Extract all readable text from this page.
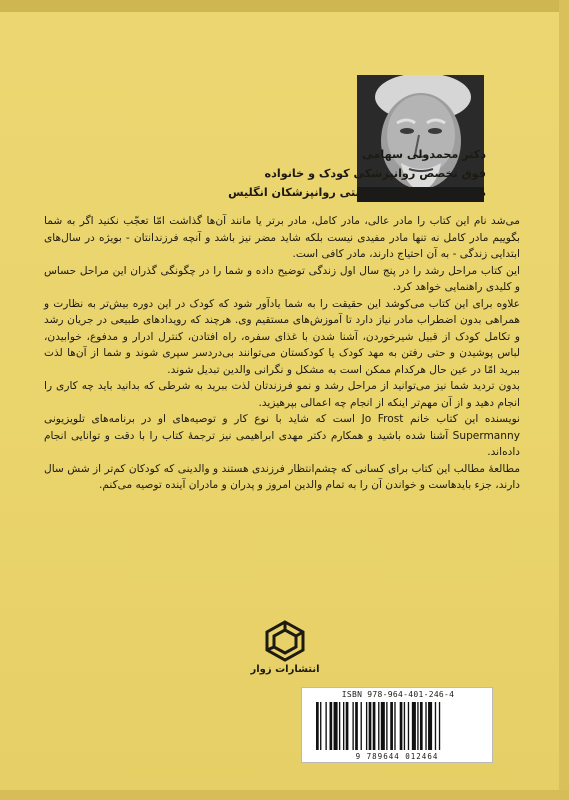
دکتر محمدولی سهامی
فوق تخصص روانپزشکی کودک و خانواده
مدرس سابق کالج سلطنتی روانپزشکان انگلیس

می‌شد نام این کتاب را مادر عالی، مادر کامل، مادر برتر یا مانند آن‌ها گذاشت امّا تعجّب نکنید اگر به شما بگوییم مادر کامل نه تنها مادر مفیدی نیست بلکه شاید مضر نیز باشد و آنچه فرزندانتان - بویژه در سال‌های ابتدایی زندگی - به آن احتیاج دارند، مادر کافی است.

این کتاب مراحل رشد را در پنج سال اول زندگی توضیح داده و شما را در چگونگی گذران این مراحل حساس و کلیدی راهنمایی خواهد کرد.

علاوه برای این کتاب می‌کوشد این حقیقت را به شما یادآور شود که کودک در این دوره بیش‌تر به نظارت و همراهی بدون اضطراب مادر نیاز دارد تا آموزش‌های مستقیم وی. هرچند که رویدادهای طبیعی در جریان رشد و تکامل کودک از قبیل شیرخوردن، آشنا شدن با غذای سفره، راه افتادن، کنترل ادرار و مدفوع، خوابیدن، لباس پوشیدن و حتی رفتن به مهد کودک یا کودکستان می‌توانند بی‌دردسر سپری شوند و شما از آن‌ها لذت ببرید امّا در عین حال هرکدام ممکن است به مشکل و نگرانی والدین تبدیل شوند.

بدون تردید شما نیز می‌توانید از مراحل رشد و نمو فرزندتان لذت ببرید به شرطی که بدانید باید چه کاری را انجام دهید و از آن مهم‌تر اینکه از انجام چه اعمالی بپرهیزید.

نویسنده این کتاب خانم Jo Frost است که شاید با نوع کار و توصیه‌های او در برنامه‌های تلویزیونی Supermanny آشنا شده باشید و همکارم دکتر مهدی ابراهیمی نیز ترجمهٔ کتاب را با دقت و توانایی انجام داده‌اند.

مطالعهٔ مطالب این کتاب برای کسانی که چشم‌انتظار فرزندی هستند و والدینی که کودکان کم‌تر از شش سال دارند، جزء بایدهاست و خواندن آن را به تمام والدین امروز و پدران و مادران آینده توصیه می‌کنم.

انتشارات زوار
ISBN 978-964-401-246-4
9 789644 012464
